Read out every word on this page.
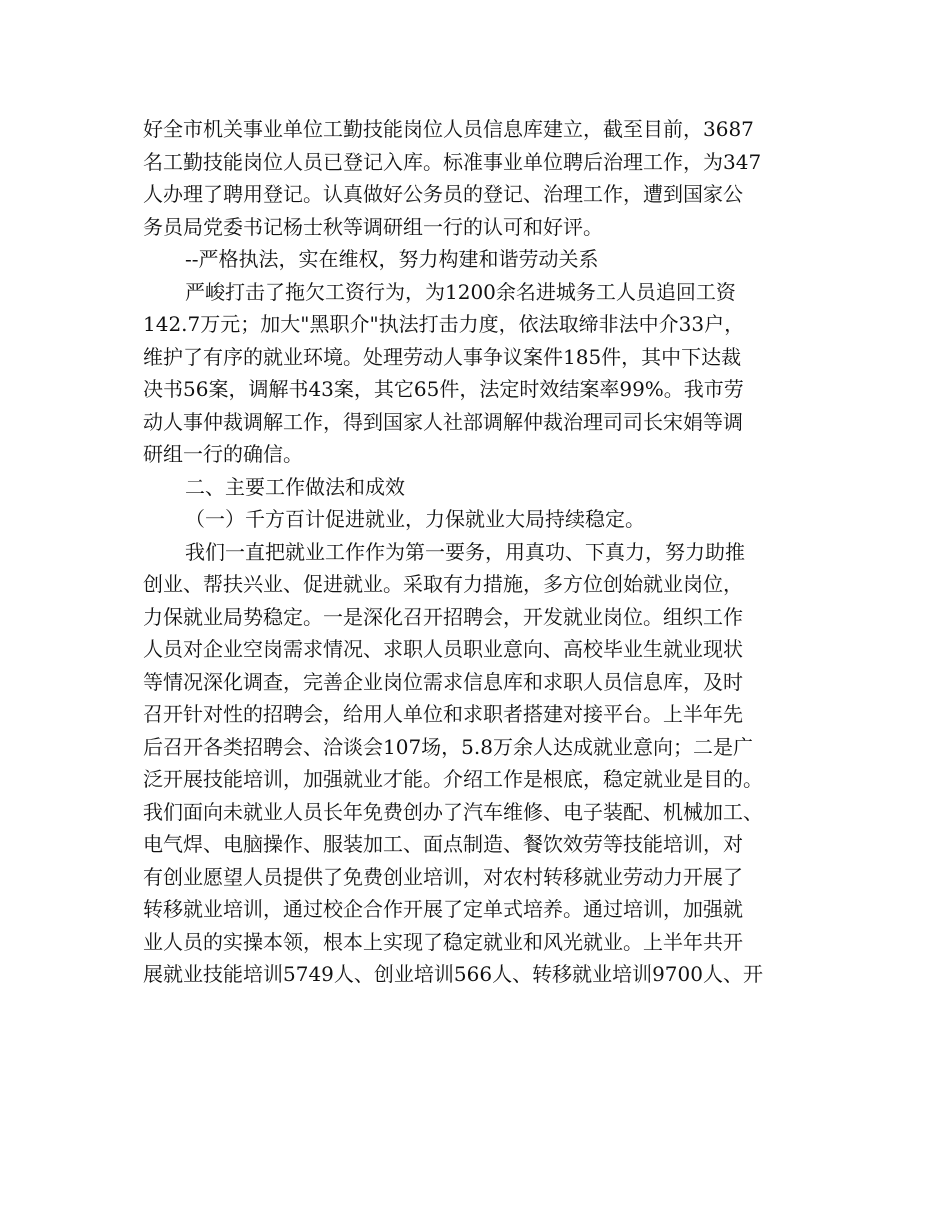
好全市机关事业单位工勤技能岗位人员信息库建立，截至目前，3687
名工勤技能岗位人员已登记入库。标准事业单位聘后治理工作，为347
人办理了聘用登记。认真做好公务员的登记、治理工作，遭到国家公
务员局党委书记杨士秋等调研组一行的认可和好评。
--严格执法，实在维权，努力构建和谐劳动关系
严峻打击了拖欠工资行为，为1200余名进城务工人员追回工资
142.7万元；加大"黑职介"执法打击力度，依法取缔非法中介33户，
维护了有序的就业环境。处理劳动人事争议案件185件，其中下达裁
决书56案，调解书43案，其它65件，法定时效结案率99%。我市劳
动人事仲裁调解工作，得到国家人社部调解仲裁治理司司长宋娟等调
研组一行的确信。
二、主要工作做法和成效
（一）千方百计促进就业，力保就业大局持续稳定。
我们一直把就业工作作为第一要务，用真功、下真力，努力助推
创业、帮扶兴业、促进就业。采取有力措施，多方位创始就业岗位，
力保就业局势稳定。一是深化召开招聘会，开发就业岗位。组织工作
人员对企业空岗需求情况、求职人员职业意向、高校毕业生就业现状
等情况深化调查，完善企业岗位需求信息库和求职人员信息库，及时
召开针对性的招聘会，给用人单位和求职者搭建对接平台。上半年先
后召开各类招聘会、洽谈会107场，5.8万余人达成就业意向；二是广
泛开展技能培训，加强就业才能。介绍工作是根底，稳定就业是目的。
我们面向未就业人员长年免费创办了汽车维修、电子装配、机械加工、
电气焊、电脑操作、服装加工、面点制造、餐饮效劳等技能培训，对
有创业愿望人员提供了免费创业培训，对农村转移就业劳动力开展了
转移就业培训，通过校企合作开展了定单式培养。通过培训，加强就
业人员的实操本领，根本上实现了稳定就业和风光就业。上半年共开
展就业技能培训5749人、创业培训566人、转移就业培训9700人、开
